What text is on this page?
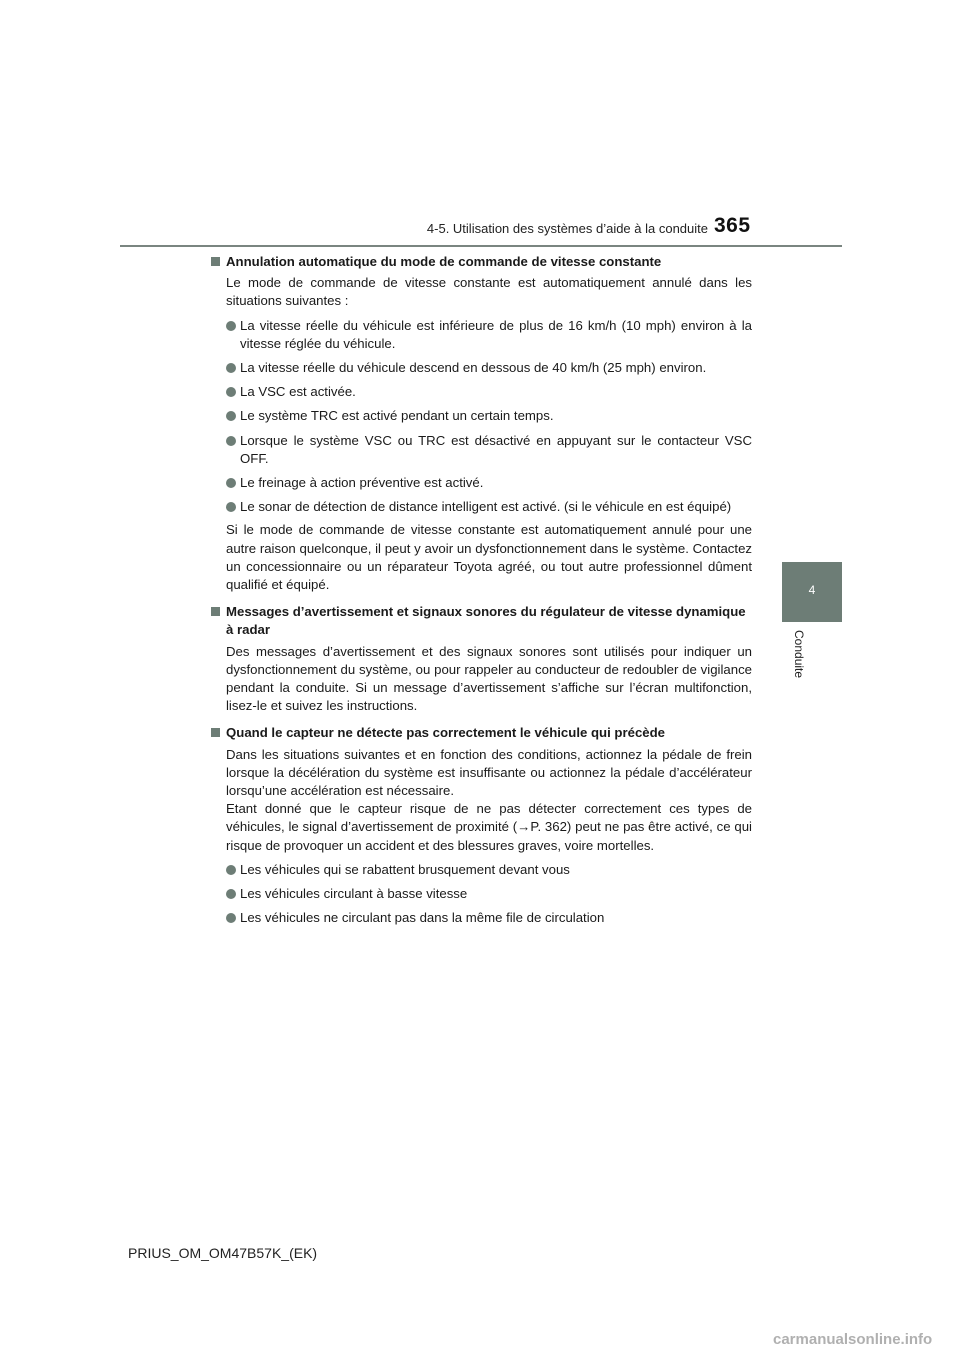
4-5. Utilisation des systèmes d’aide à la conduite 365
4
Conduite
Annulation automatique du mode de commande de vitesse constante
Le mode de commande de vitesse constante est automatiquement annulé dans les situations suivantes :
La vitesse réelle du véhicule est inférieure de plus de 16 km/h (10 mph) environ à la vitesse réglée du véhicule.
La vitesse réelle du véhicule descend en dessous de 40 km/h (25 mph) environ.
La VSC est activée.
Le système TRC est activé pendant un certain temps.
Lorsque le système VSC ou TRC est désactivé en appuyant sur le contacteur VSC OFF.
Le freinage à action préventive est activé.
Le sonar de détection de distance intelligent est activé. (si le véhicule en est équipé)
Si le mode de commande de vitesse constante est automatiquement annulé pour une autre raison quelconque, il peut y avoir un dysfonctionnement dans le système. Contactez un concessionnaire ou un réparateur Toyota agréé, ou tout autre professionnel dûment qualifié et équipé.
Messages d’avertissement et signaux sonores du régulateur de vitesse dynamique à radar
Des messages d’avertissement et des signaux sonores sont utilisés pour indiquer un dysfonctionnement du système, ou pour rappeler au conducteur de redoubler de vigilance pendant la conduite. Si un message d’avertissement s’affiche sur l’écran multifonction, lisez-le et suivez les instructions.
Quand le capteur ne détecte pas correctement le véhicule qui précède
Dans les situations suivantes et en fonction des conditions, actionnez la pédale de frein lorsque la décélération du système est insuffisante ou actionnez la pédale d’accélérateur lorsqu’une accélération est nécessaire.
Etant donné que le capteur risque de ne pas détecter correctement ces types de véhicules, le signal d’avertissement de proximité (→P. 362) peut ne pas être activé, ce qui risque de provoquer un accident et des blessures graves, voire mortelles.
Les véhicules qui se rabattent brusquement devant vous
Les véhicules circulant à basse vitesse
Les véhicules ne circulant pas dans la même file de circulation
PRIUS_OM_OM47B57K_(EK)
carmanualsonline.info
